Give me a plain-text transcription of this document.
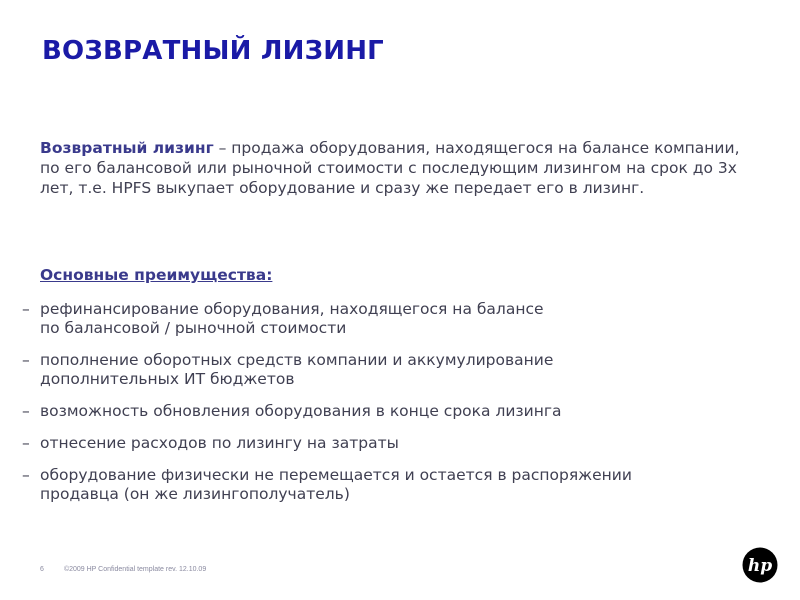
ВОЗВРАТНЫЙ ЛИЗИНГ

Возвратный лизинг – продажа оборудования, находящегося на балансе компании, по его балансовой или рыночной стоимости с последующим лизингом на срок до 3х лет, т.е. HPFS выкупает оборудование и сразу же передает его в лизинг.

Основные преимущества:

– рефинансирование оборудования, находящегося на балансе
по балансовой / рыночной стоимости
– пополнение оборотных средств компании и аккумулирование
дополнительных ИТ бюджетов
– возможность обновления оборудования в конце срока лизинга
– отнесение расходов по лизингу на затраты
– оборудование физически не перемещается и остается в распоряжении
продавца (он же лизингополучатель)
6	©2009 HP Confidential template rev. 12.10.09	hp
